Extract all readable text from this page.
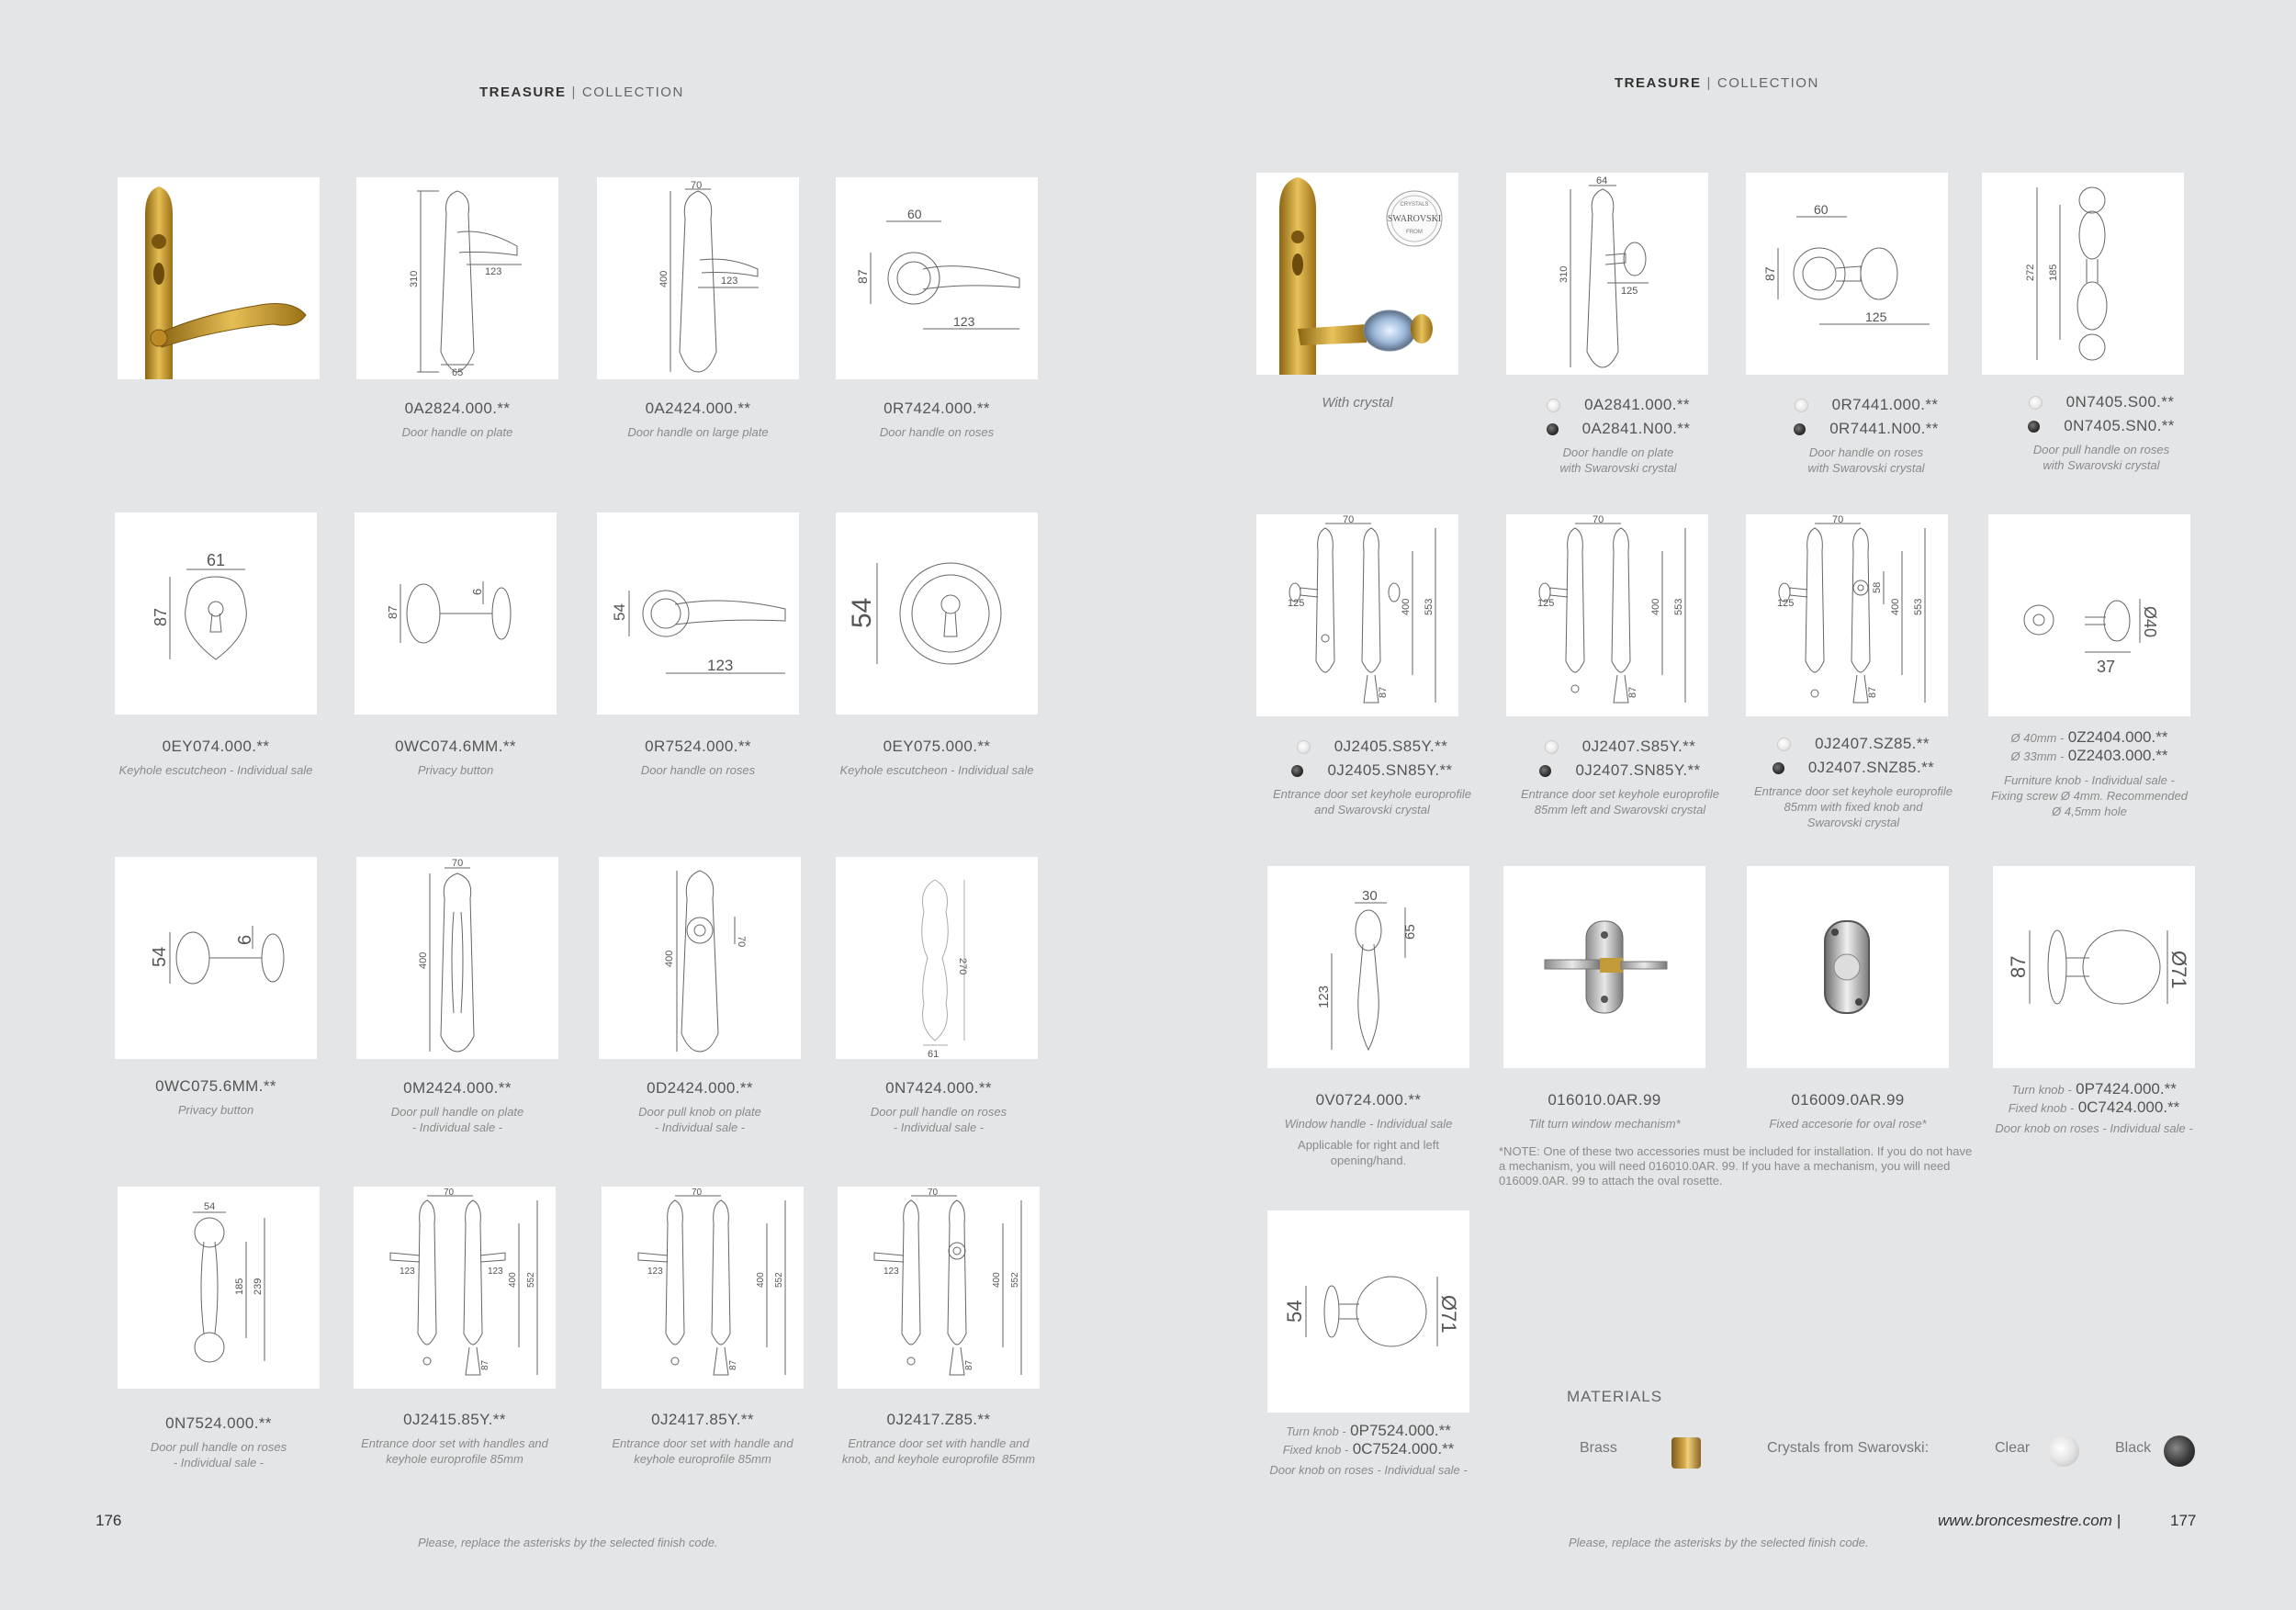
TREASURE | COLLECTION
310	123
65
70
400	123
60
87
123
0A2824.000.**
Door handle on plate
0A2424.000.**
Door handle on large plate
0R7424.000.**
Door handle on roses
61
87	87
6
54
123
54
0EY074.000.**
Keyhole escutcheon - Individual sale
0WC074.6MM.**
Privacy button
0R7524.000.**
Door handle on roses
0EY075.000.**
Keyhole escutcheon - Individual sale
54
6
70
400	400
70
270
61
0WC075.6MM.**
Privacy button
0M2424.000.**
Door pull handle on plate
- Individual sale -
0D2424.000.**
Door pull knob on plate
- Individual sale -
0N7424.000.**
Door pull handle on roses
- Individual sale -
54
185 239
70
123	123
400 552
87
70
123
400 552
87
70
123
400 552
87
0N7524.000.**
Door pull handle on roses
- Individual sale -
0J2415.85Y.**
Entrance door set with handles and
keyhole europrofile 85mm
0J2417.85Y.**
Entrance door set with handle and
keyhole europrofile 85mm
0J2417.Z85.**
Entrance door set with handle and
knob, and keyhole europrofile 85mm
176
Please, replace the asterisks by the selected finish code.
TREASURE | COLLECTION
CRYSTALS
SWAROVSKI
FROM
With crystal
64
310
125
60
87
125
272 185
0A2841.000.**
0A2841.N00.**
Door handle on plate
with Swarovski crystal
0R7441.000.**
0R7441.N00.**
Door handle on roses
with Swarovski crystal
0N7405.S00.**
0N7405.SN0.**
Door pull handle on roses
with Swarovski crystal
70
125	400 553
87
70
125	400 553
87
70
125
58
400 553
87
Ø40
37
0J2405.S85Y.**
0J2405.SN85Y.**
Entrance door set keyhole europrofile
and Swarovski crystal
0J2407.S85Y.**
0J2407.SN85Y.**
Entrance door set keyhole europrofile
85mm left and Swarovski crystal
0J2407.SZ85.**
0J2407.SNZ85.**
Entrance door set keyhole europrofile
85mm with fixed knob and
Swarovski crystal
Ø 40mm - 0Z2404.000.**
Ø 33mm - 0Z2403.000.**
Furniture knob - Individual sale -
Fixing screw Ø 4mm. Recommended
Ø 4,5mm hole
30
65
123
87	Ø71
0V0724.000.**
Window handle - Individual sale
Applicable for right and left
opening/hand.
016010.0AR.99
Tilt turn window mechanism*
016009.0AR.99
Fixed accesorie for oval rose*
Turn knob - 0P7424.000.**
Fixed knob - 0C7424.000.**
Door knob on roses - Individual sale -
*NOTE: One of these two accessories must be included for installation. If you do not have a mechanism, you will need 016010.0AR. 99. If you have a mechanism, you will need 016009.0AR. 99 to attach the oval rosette.
54	Ø71
Turn knob - 0P7524.000.**
Fixed knob - 0C7524.000.**
Door knob on roses - Individual sale -
MATERIALS
Brass	Crystals from Swarovski:	Clear	Black
www.broncesmestre.com |	177
Please, replace the asterisks by the selected finish code.
